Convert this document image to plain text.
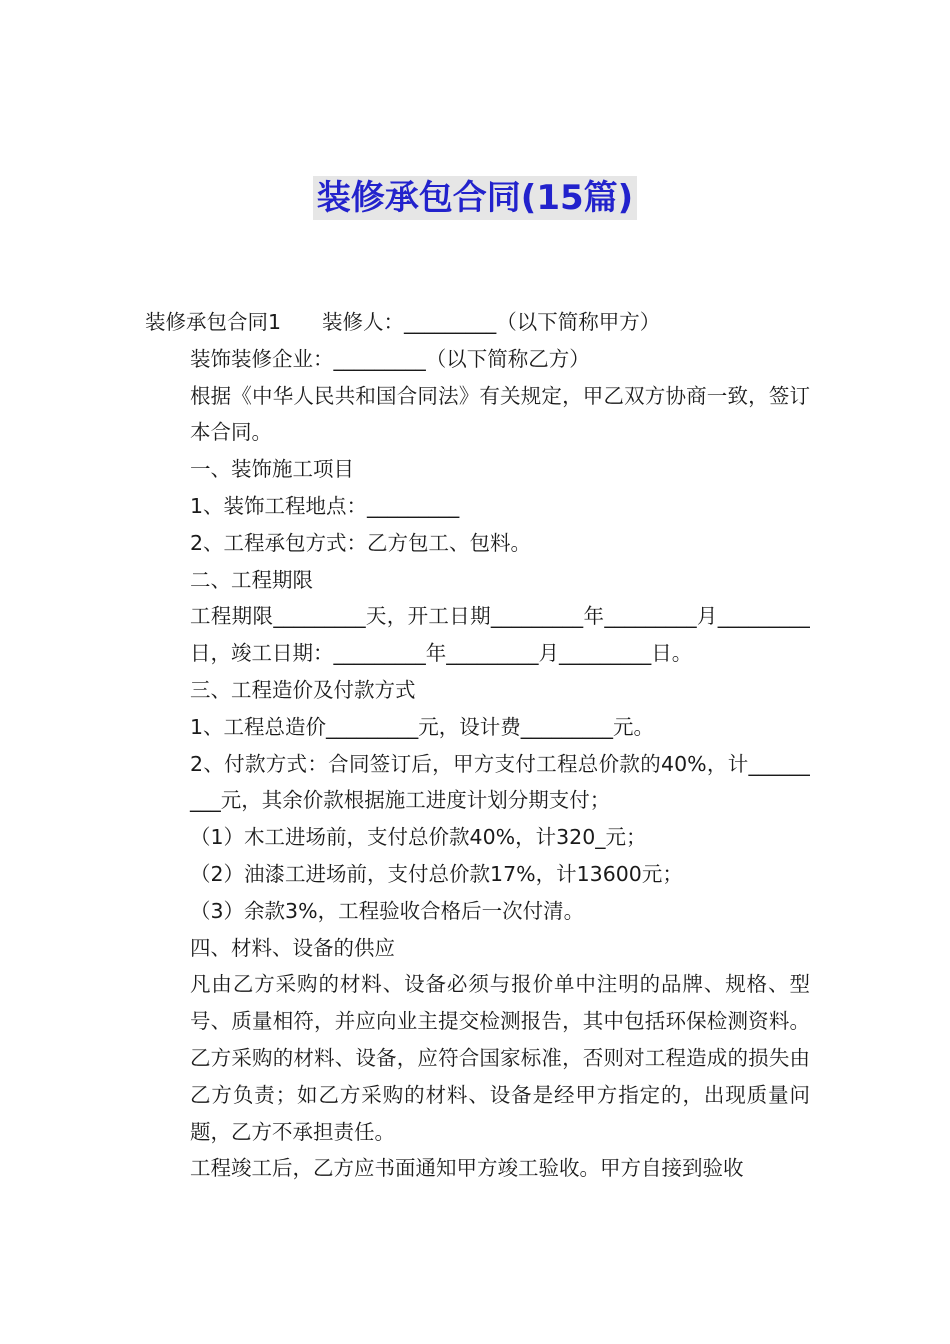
装修承包合同(15篇)

装修承包合同1　　装修人：_________（以下简称甲方）

装饰装修企业：_________（以下简称乙方）

根据《中华人民共和国合同法》有关规定，甲乙双方协商一致，签订本合同。

一、装饰施工项目

1、装饰工程地点：_________

2、工程承包方式：乙方包工、包料。

二、工程期限

工程期限_________天，开工日期_________年_________月_________日，竣工日期：_________年_________月_________日。

三、工程造价及付款方式

1、工程总造价_________元，设计费_________元。

2、付款方式：合同签订后，甲方支付工程总价款的40%，计_________元，其余价款根据施工进度计划分期支付；

（1）木工进场前，支付总价款40%，计320_元；

（2）油漆工进场前，支付总价款17%，计13600元；

（3）余款3%，工程验收合格后一次付清。

四、材料、设备的供应

凡由乙方采购的材料、设备必须与报价单中注明的品牌、规格、型号、质量相符，并应向业主提交检测报告，其中包括环保检测资料。乙方采购的材料、设备，应符合国家标准，否则对工程造成的损失由乙方负责；如乙方采购的材料、设备是经甲方指定的，出现质量问题，乙方不承担责任。

工程竣工后，乙方应书面通知甲方竣工验收。甲方自接到验收
